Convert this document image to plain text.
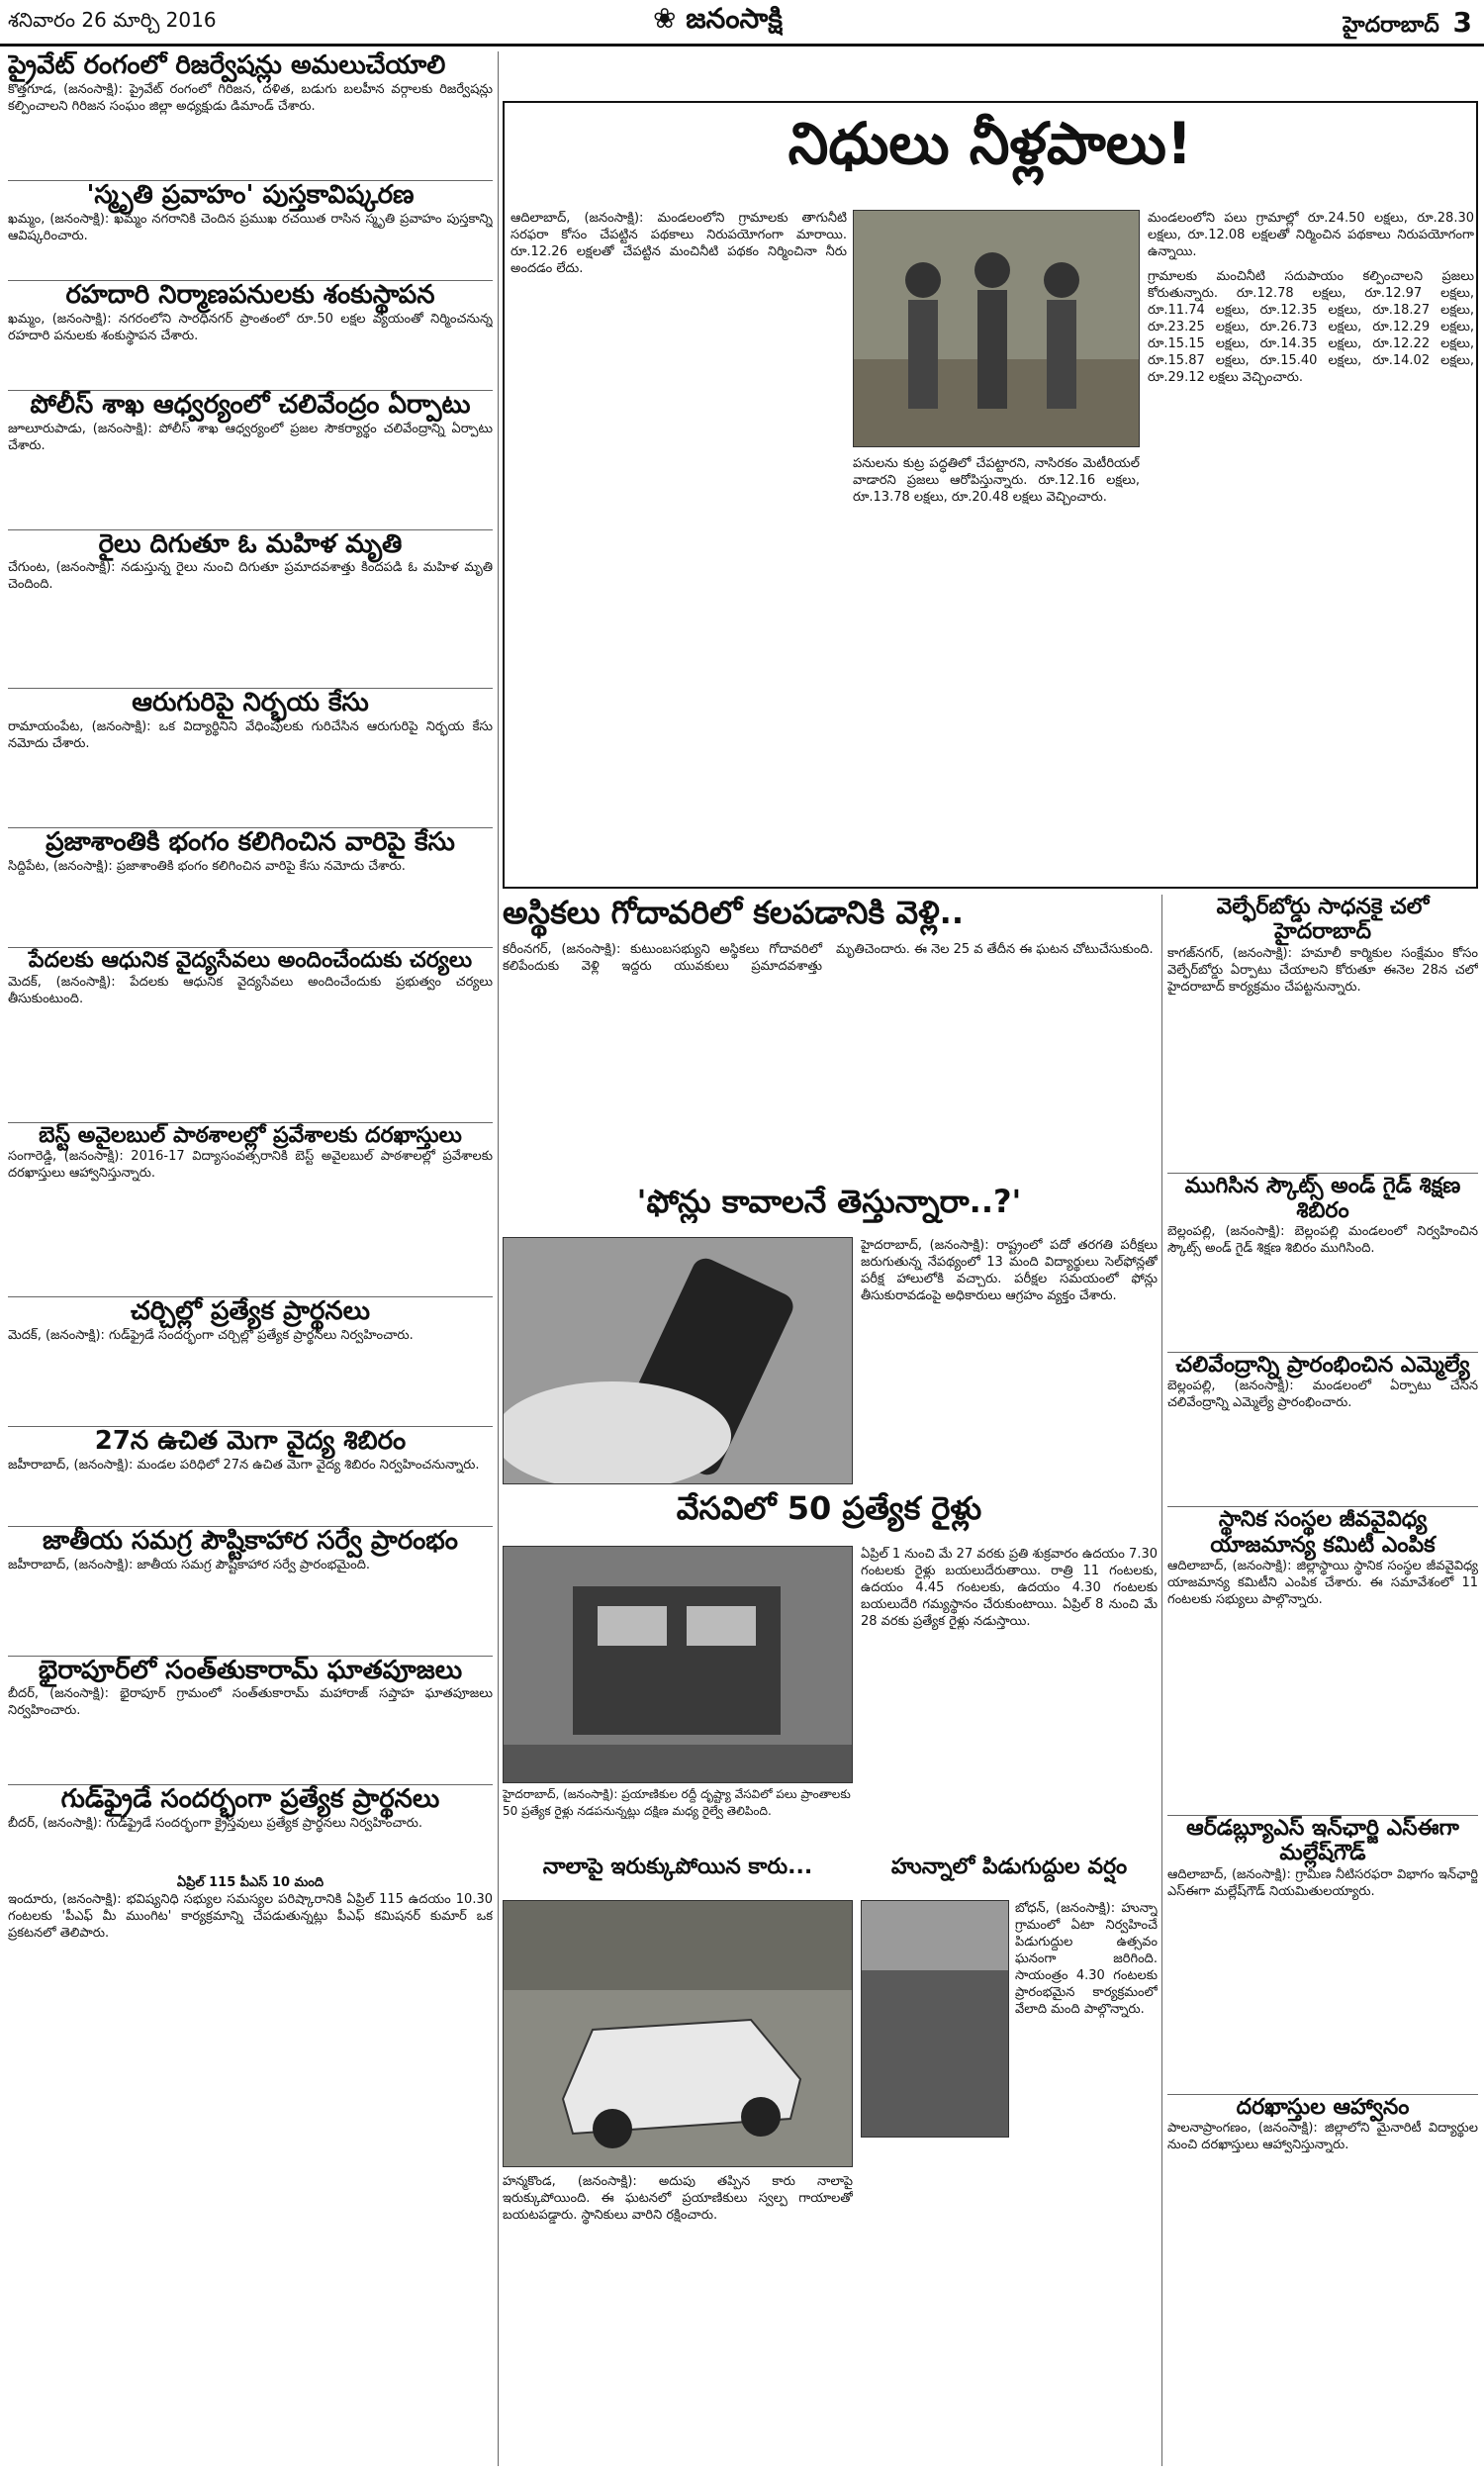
శనివారం 26 మార్చి 2016	❀ జనంసాక్షి	హైదరాబాద్ 3
ప్రైవేట్ రంగంలో రిజర్వేషన్లు అమలుచేయాలి
కొత్తగూడ, (జనంసాక్షి): ప్రైవేట్ రంగంలో గిరిజన, దళిత, బడుగు బలహీన వర్గాలకు రిజర్వేషన్లు కల్పించాలని గిరిజన సంఘం జిల్లా అధ్యక్షుడు డిమాండ్ చేశారు.
'స్మృతి ప్రవాహం' పుస్తకావిష్కరణ
ఖమ్మం, (జనంసాక్షి): ఖమ్మం నగరానికి చెందిన ప్రముఖ రచయిత రాసిన స్మృతి ప్రవాహం పుస్తకాన్ని ఆవిష్కరించారు.
రహదారి నిర్మాణపనులకు శంకుస్థాపన
ఖమ్మం, (జనంసాక్షి): నగరంలోని సారధినగర్ ప్రాంతంలో రూ.50 లక్షల వ్యయంతో నిర్మించనున్న రహదారి పనులకు శంకుస్థాపన చేశారు.
పోలీస్ శాఖ ఆధ్వర్యంలో చలివేంద్రం ఏర్పాటు
జూలూరుపాడు, (జనంసాక్షి): పోలీస్ శాఖ ఆధ్వర్యంలో ప్రజల సౌకర్యార్థం చలివేంద్రాన్ని ఏర్పాటు చేశారు.
రైలు దిగుతూ ఓ మహిళ మృతి
చేగుంట, (జనంసాక్షి): నడుస్తున్న రైలు నుంచి దిగుతూ ప్రమాదవశాత్తు కిందపడి ఓ మహిళ మృతి చెందింది.
ఆరుగురిపై నిర్భయ కేసు
రామాయంపేట, (జనంసాక్షి): ఒక విద్యార్థినిని వేధింపులకు గురిచేసిన ఆరుగురిపై నిర్భయ కేసు నమోదు చేశారు.
ప్రజాశాంతికి భంగం కలిగించిన వారిపై కేసు
సిద్దిపేట, (జనంసాక్షి): ప్రజాశాంతికి భంగం కలిగించిన వారిపై కేసు నమోదు చేశారు.
పేదలకు ఆధునిక వైద్యసేవలు అందించేందుకు చర్యలు
మెదక్, (జనంసాక్షి): పేదలకు ఆధునిక వైద్యసేవలు అందించేందుకు ప్రభుత్వం చర్యలు తీసుకుంటుంది.
బెస్ట్ అవైలబుల్ పాఠశాలల్లో ప్రవేశాలకు దరఖాస్తులు
సంగారెడ్డి, (జనంసాక్షి): 2016-17 విద్యాసంవత్సరానికి బెస్ట్ అవైలబుల్ పాఠశాలల్లో ప్రవేశాలకు దరఖాస్తులు ఆహ్వానిస్తున్నారు.
చర్చిల్లో ప్రత్యేక ప్రార్థనలు
మెదక్, (జనంసాక్షి): గుడ్‌ఫ్రైడే సందర్భంగా చర్చిల్లో ప్రత్యేక ప్రార్థనలు నిర్వహించారు.
27న ఉచిత మెగా వైద్య శిబిరం
జహీరాబాద్, (జనంసాక్షి): మండల పరిధిలో 27న ఉచిత మెగా వైద్య శిబిరం నిర్వహించనున్నారు.
జాతీయ సమగ్ర పౌష్టికాహార సర్వే ప్రారంభం
జహీరాబాద్, (జనంసాక్షి): జాతీయ సమగ్ర పౌష్టికాహార సర్వే ప్రారంభమైంది.
భైరాపూర్‌లో సంత్‌తుకారామ్ ఘాతపూజలు
బీదర్, (జనంసాక్షి): భైరాపూర్ గ్రామంలో సంత్‌తుకారామ్ మహారాజ్ సప్తాహ ఘాతపూజలు నిర్వహించారు.
గుడ్‌ఫ్రైడే సందర్భంగా ప్రత్యేక ప్రార్థనలు
బీదర్, (జనంసాక్షి): గుడ్‌ఫ్రైడే సందర్భంగా క్రైస్తవులు ప్రత్యేక ప్రార్థనలు నిర్వహించారు.
ఏప్రిల్ 115 పీఎస్‌ 10 మంది
ఇందూరు, (జనంసాక్షి): భవిష్యనిధి సభ్యుల సమస్యల పరిష్కారానికి ఏప్రిల్ 115 ఉదయం 10.30 గంటలకు 'పీఎఫ్ మీ ముంగిట' కార్యక్రమాన్ని చేపడుతున్నట్లు పీఎఫ్ కమిషనర్ కుమార్ ఒక ప్రకటనలో తెలిపారు.
నిధులు నీళ్లపాలు!
ఆదిలాబాద్, (జనంసాక్షి): మండలంలోని గ్రామాలకు తాగునీటి సరఫరా కోసం చేపట్టిన పథకాలు నిరుపయోగంగా మారాయి. రూ.12.26 లక్షలతో చేపట్టిన మంచినీటి పథకం నిర్మించినా నీరు అందడం లేదు.
పనులను కుట్ర పద్ధతిలో చేపట్టారని, నాసిరకం మెటీరియల్ వాడారని ప్రజలు ఆరోపిస్తున్నారు. రూ.12.16 లక్షలు, రూ.13.78 లక్షలు, రూ.20.48 లక్షలు వెచ్చించారు.
మండలంలోని పలు గ్రామాల్లో రూ.24.50 లక్షలు, రూ.28.30 లక్షలు, రూ.12.08 లక్షలతో నిర్మించిన పథకాలు నిరుపయోగంగా ఉన్నాయి.
గ్రామాలకు మంచినీటి సదుపాయం కల్పించాలని ప్రజలు కోరుతున్నారు. రూ.12.78 లక్షలు, రూ.12.97 లక్షలు, రూ.11.74 లక్షలు, రూ.12.35 లక్షలు, రూ.18.27 లక్షలు, రూ.23.25 లక్షలు, రూ.26.73 లక్షలు, రూ.12.29 లక్షలు, రూ.15.15 లక్షలు, రూ.14.35 లక్షలు, రూ.12.22 లక్షలు, రూ.15.87 లక్షలు, రూ.15.40 లక్షలు, రూ.14.02 లక్షలు, రూ.29.12 లక్షలు వెచ్చించారు.
అస్థికలు గోదావరిలో కలపడానికి వెళ్లి..
కరీంనగర్, (జనంసాక్షి): కుటుంబసభ్యుని అస్థికలు గోదావరిలో కలిపేందుకు వెళ్లి ఇద్దరు యువకులు ప్రమాదవశాత్తు మృతిచెందారు. ఈ నెల 25 వ తేదీన ఈ ఘటన చోటుచేసుకుంది.
'ఫోన్లు కావాలనే తెస్తున్నారా..?'
హైదరాబాద్, (జనంసాక్షి): రాష్ట్రంలో పదో తరగతి పరీక్షలు జరుగుతున్న నేపథ్యంలో 13 మంది విద్యార్థులు సెల్‌ఫోన్లతో పరీక్ష హాలులోకి వచ్చారు. పరీక్షల సమయంలో ఫోన్లు తీసుకురావడంపై అధికారులు ఆగ్రహం వ్యక్తం చేశారు.
వేసవిలో 50 ప్రత్యేక రైళ్లు
హైదరాబాద్, (జనంసాక్షి): ప్రయాణికుల రద్దీ దృష్ట్యా వేసవిలో పలు ప్రాంతాలకు 50 ప్రత్యేక రైళ్లు నడపనున్నట్లు దక్షిణ మధ్య రైల్వే తెలిపింది.
ఏప్రిల్ 1 నుంచి మే 27 వరకు ప్రతి శుక్రవారం ఉదయం 7.30 గంటలకు రైళ్లు బయలుదేరుతాయి. రాత్రి 11 గంటలకు, ఉదయం 4.45 గంటలకు, ఉదయం 4.30 గంటలకు బయలుదేరి గమ్యస్థానం చేరుకుంటాయి. ఏప్రిల్ 8 నుంచి మే 28 వరకు ప్రత్యేక రైళ్లు నడుస్తాయి.
నాలాపై ఇరుక్కుపోయిన కారు...
హన్మకొండ, (జనంసాక్షి): అదుపు తప్పిన కారు నాలాపై ఇరుక్కుపోయింది. ఈ ఘటనలో ప్రయాణికులు స్వల్ప గాయాలతో బయటపడ్డారు. స్థానికులు వారిని రక్షించారు.
హున్నాలో పిడుగుద్దుల వర్షం
బోధన్, (జనంసాక్షి): హున్నా గ్రామంలో ఏటా నిర్వహించే పిడుగుద్దుల ఉత్సవం ఘనంగా జరిగింది. సాయంత్రం 4.30 గంటలకు ప్రారంభమైన కార్యక్రమంలో వేలాది మంది పాల్గొన్నారు.
వెల్ఫేర్‌బోర్డు సాధనకై చలో హైదరాబాద్
కాగజ్‌నగర్, (జనంసాక్షి): హమాలీ కార్మికుల సంక్షేమం కోసం వెల్ఫేర్‌బోర్డు ఏర్పాటు చేయాలని కోరుతూ ఈనెల 28న చలో హైదరాబాద్ కార్యక్రమం చేపట్టనున్నారు.
ముగిసిన స్కౌట్స్ అండ్ గైడ్ శిక్షణ శిబిరం
బెల్లంపల్లి, (జనంసాక్షి): బెల్లంపల్లి మండలంలో నిర్వహించిన స్కౌట్స్ అండ్ గైడ్ శిక్షణ శిబిరం ముగిసింది.
చలివేంద్రాన్ని ప్రారంభించిన ఎమ్మెల్యే
బెల్లంపల్లి, (జనంసాక్షి): మండలంలో ఏర్పాటు చేసిన చలివేంద్రాన్ని ఎమ్మెల్యే ప్రారంభించారు.
స్థానిక సంస్థల జీవవైవిధ్య యాజమాన్య కమిటీ ఎంపిక
ఆదిలాబాద్, (జనంసాక్షి): జిల్లాస్థాయి స్థానిక సంస్థల జీవవైవిధ్య యాజమాన్య కమిటీని ఎంపిక చేశారు. ఈ సమావేశంలో 11 గంటలకు సభ్యులు పాల్గొన్నారు.
ఆర్‌డబ్ల్యూఎస్ ఇన్‌ఛార్జి ఎస్ఈగా మల్లేష్‌గౌడ్
ఆదిలాబాద్, (జనంసాక్షి): గ్రామీణ నీటిసరఫరా విభాగం ఇన్‌ఛార్జి ఎస్ఈగా మల్లేష్‌గౌడ్ నియమితులయ్యారు.
దరఖాస్తుల ఆహ్వానం
పాలనాప్రాంగణం, (జనంసాక్షి): జిల్లాలోని మైనారిటీ విద్యార్థుల నుంచి దరఖాస్తులు ఆహ్వానిస్తున్నారు.
